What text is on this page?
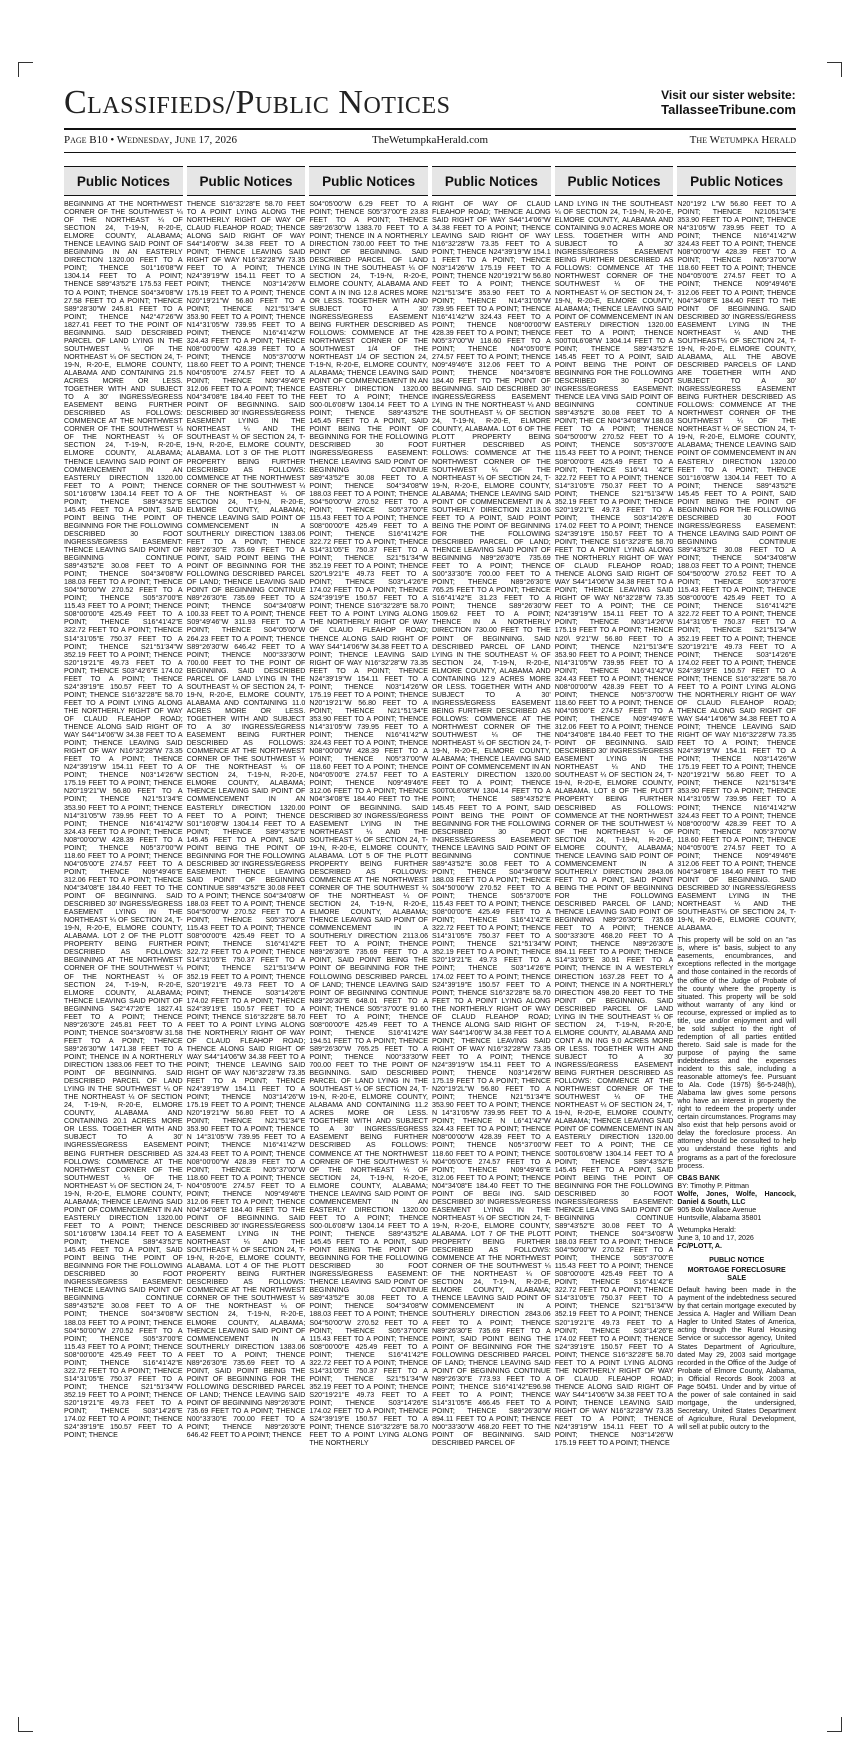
Classifieds/Public Notices	Visit our sister website:
TallasseeTribune.com
Page B10 • Wednesday, June 17, 2026	TheWetumpkaHerald.com	The Wetumpka Herald
Public Notices
BEGINNING AT THE NORTHWEST CORNER OF THE SOUTHWEST ¼ OF THE NORTHEAST ¼ OF SECTION 24, T-19-N, R-20-E, ELMORE COUNTY, ALABAMA; THENCE LEAVING SAID POINT OF BEGINNING IN AN EASTERLY DIRECTION 1320.00 FEET TO A POINT; THENCE S01°16'08"W 1304.14 FEET TO A POINT; THENCE S89°43'52"E 175.53 FEET TO A POINT; THENCE S04°34'08"W 27.58 FEET TO A POINT; THENCE S89°28'30"W 245.81 FEET TO A POINT; THENCE N42°47'26"W 1827.41 FEET TO THE POINT OF BEGINNING. SAID DESCRIBED PARCEL OF LAND LYING IN THE SOUTHWEST ¼ OF THE NORTHEAST ¼ OF SECTION 24, T-19-N, R-20-E, ELMORE COUNTY, ALABAMA AND CONTAINING 21.5 ACRES MORE OR LESS. TOGETHER WITH AND SUBJECT TO A 30' INGRESS/EGRESS EASEMENT BEING FURTHER DESCRIBED AS FOLLOWS: COMMENCE AT THE NORTHWEST CORNER OF THE SOUTHWEST ¼ OF THE NORTHEAST ¼ OF SECTION 24, T-19-N, R-20-E, ELMORE COUNTY, ALABAMA; THENCE LEAVING SAID POINT OF COMMENCEMENT IN AN EASTERLY DIRECTION 1320.00 FEET TO A POINT; THENCE S01°16'08"W 1304.14 FEET TO A POINT; THENCE S89°43'52"E 145.45 FEET TO A POINT, SAID POINT BEING THE POINT OF BEGINNING FOR THE FOLLOWING DESCRIBED 30 FOOT INGRESS/EGRESS EASEMENT: THENCE LEAVING SAID POINT OF BEGINNING CONTINUE S89°43'52"E 30.08 FEET TO A POINT; THENCE S04°34'08"W 188.03 FEET TO A POINT; THENCE S04°50'00"W 270.52 FEET TO A POINT; THENCE S05°37'00"E 115.43 FEET TO A POINT; THENCE S08°00'00"E 425.49 FEET TO A POINT; THENCE S16°41'42"E 322.72 FEET TO A POINT; THENCE S14°31'05"E 750.37 FEET TO A POINT; THENCE S21°51'34"W 352.19 FEET TO A POINT; THENCE S20°19'21"E 49.73 FEET TO A POINT; THENCE S03°42'6"E 174.02 FEET TO A POINT; THENCE S24°39'19"E 150.57 FEET TO A POINT; THENCE S16°32'28"E 58.70 FEET TO A POINT LYING ALONG THE NORTHERLY RIGHT OF WAY OF CLAUD FLEAHOP ROAD; THENCE ALONG SAID RIGHT OF WAY S44°14'06"W 34.38 FEET TO A POINT; THENCE LEAVING SAID RIGHT OF WAY N16°32'28"W 73.35 FEET TO A POINT; THENCE N24°39'19"W 154.11 FEET TO A POINT; THENCE N03°14'26"W 175.19 FEET TO A POINT; THENCE N20°19'21"W 56.80 FEET TO A POINT; THENCE N21°51'34"E 353.90 FEET TO A POINT; THENCE N14°31'05"W 739.95 FEET TO A POINT; THENCE N16°41'42"W 324.43 FEET TO A POINT; THENCE N08°00'00"W 428.39 FEET TO A POINT; THENCE N05°37'00"W 118.60 FEET TO A POINT; THENCE N04°05'00"E 274.57 FEET TO A POINT; THENCE N09°49'46"E 312.06 FEET TO A POINT; THENCE N04°34'08"E 184.40 FEET TO THE POINT OF BEGINNING. SAID DESCRIBED 30' INGRESS/EGRESS EASEMENT LYING IN THE NORTHEAST ¼ OF SECTION 24, T-19-N, R-20-E, ELMORE COUNTY, ALABAMA. LOT 2 OF THE PLOTT PROPERTY BEING FURTHER DESCRIBED AS FOLLOWS: BEGINNING AT THE NORTHWEST CORNER OF THE SOUTHWEST ¼ OF THE NORTHEAST ¼ OF SECTION 24, T-19-N, R-20-E, ELMORE COUNTY, ALABAMA; THENCE LEAVING SAID POINT OF BEGINNING S42°47'26"E 1827.41 FEET TO A POINT; THENCE N89°26'30"E 245.81 FEET TO A POINT; THENCE S04°34'08"W 31.58 FEET TO A POINT; THENCE S89°26'30"W 1471.38 FEET TO A POINT; THENCE IN A NORTHERLY DIRECTION 1383.06 FEET TO THE POINT OF BEGINNING. SAID DESCRIBED PARCEL OF LAND LYING IN THE SOUTHWEST ¼ OF THE NORTHEAST ¼ OF SECTION 24, T-19-N, R-20-E, ELMORE COUNTY, ALABAMA AND CONTAINING 20.1 ACRES MORE OR LESS. TOGETHER WITH AND SUBJECT TO A 30' INGRESS/EGRESS EASEMENT BEING FURTHER DESCRIBED AS FOLLOWS: COMMENCE AT THE NORTHWEST CORNER OF THE SOUTHWEST ¼ OF THE NORTHEAST ¼ OF SECTION 24, T-19-N, R-20-E, ELMORE COUNTY, ALABAMA; THENCE LEAVING SAID POINT OF COMMENCEMENT IN AN EASTERLY DIRECTION 1320.00 FEET TO A POINT; THENCE S01°16'08"W 1304.14 FEET TO A POINT; THENCE S89°43'52"E 145.45 FEET TO A POINT, SAID POINT BEING THE POINT OF BEGINNING FOR THE FOLLOWING DESCRIBED 30 FOOT INGRESS/EGRESS EASEMENT: THENCE LEAVING SAID POINT OF BEGINNING CONTINUE S89°43'52"E 30.08 FEET TO A POINT; THENCE S04°34'08"W 188.03 FEET TO A POINT; THENCE S04°50'00"W 270.52 FEET TO A POINT; THENCE S05°37'00"E 115.43 FEET TO A POINT; THENCE S08°00'00"E 425.49 FEET TO A POINT; THENCE S16°41'42"E 322.72 FEET TO A POINT; THENCE S14°31'05"E 750.37 FEET TO A POINT; THENCE S21°51'34"W 352.19 FEET TO A POINT; THENCE S20°19'21"E 49.73 FEET TO A POINT; THENCE S03°14'26"E 174.02 FEET TO A POINT; THENCE S24°39'19"E 150.57 FEET TO A POINT; THENCE
Public Notices
THENCE S16°32'28"E 58.70 FEET TO A POINT LYING ALONG THE NORTHERLY RIGHT OF WAY OF CLAUD FLEAHOP ROAD; THENCE ALONG SAID RIGHT OF WAY S44°14'06"W 34.38 FEET TO A POINT; THENCE LEAVING SAID RIGHT OF WAY N16°32'28"W 73.35 FEET TO A POINT; THENCE N24°39'19"W 154.11 FEET TO A POINT; THENCE N03°14'26"W 175.19 FEET TO A POINT; THENCE N20°19'21"W 56.80 FEET TO A POINT; THENCE N21°51'34"E 353.90 FEET TO A POINT; THENCE N14°31'05"W 739.95 FEET TO A POINT; THENCE N16°41'42"W 324.43 FEET TO A POINT; THENCE N08°00'00"W 428.39 FEET TO A POINT; THENCE N05°37'00"W 118.60 FEET TO A POINT; THENCE N04°05'00"E 274.57 FEET TO A POINT; THENCE N09°49'46"E 312.06 FEET TO A POINT; THENCE N04°34'08"E 184.40 FEET TO THE POINT OF BEGINNING. SAID DESCRIBED 30' INGRESS/EGRESS EASEMENT LYING IN THE NORTHEAST ¼ AND THE SOUTHEAST ¼ OF SECTION 24, T-19-N, R-20-E, ELMORE COUNTY, ALABAMA. LOT 3 OF THE PLOTT PROPERTY BEING FURTHER DESCRIBED AS FOLLOWS: COMMENCE AT THE NORTHWEST CORNER OF THE SOUTHWEST ¼ OF THE NORTHEAST ¼ OF SECTION 24, T-19-N, R-20-E, ELMORE COUNTY, ALABAMA; THENCE LEAVING SAID POINT OF COMMENCEMENT IN A SOUTHERLY DIRECTION 1383.06 FEET TO A POINT; THENCE N89°26'30"E 735.69 FEET TO A POINT, SAID POINT BEING THE POINT OF BEGINNING FOR THE FOLLOWING DESCRIBED PARCEL OF LAND; THENCE LEAVING SAID POINT OF BEGINNING CONTINUE N89°26'30"E 735.69 FEET TO A POINT; THENCE S04°34'08"W 100.33 FEET TO A POINT; THENCE S09°49'46"W 311.93 FEET TO A POINT; THENCE S04°05'00"W 264.23 FEET TO A POINT; THENCE S89°26'30"W 646.42 FEET TO A POINT; THENCE N00°33'30"W 700.00 FEET TO THE POINT OF BEGINNING. SAID DESCRIBED PARCEL OF LAND LYING IN THE SOUTHEAST ¼ OF SECTION 24, T-19-N, R-20-E, ELMORE COUNTY, ALABAMA AND CONTAINING 11.0 ACRES MORE OR LESS. TOGETHER WITH AND SUBJECT TO A 30' INGRESS/EGRESS EASEMENT BEING FURTHER DESCRIBED AS FOLLOWS: COMMENCE AT THE NORTHWEST CORNER OF THE SOUTHWEST ¼ OF THE NORTHEAST ¼ OF SECTION 24, T-19-N, R-20-E, ELMORE COUNTY, ALABAMA; THENCE LEAVING SAID POINT OF COMMENCEMENT IN AN EASTERLY DIRECTION 1320.00 FEET TO A POINT; THENCE S01°16'08"W 1304.14 FEET TO A POINT; THENCE S89°43'52"E 145.45 FEET TO A POINT, SAID POINT BEING THE POINT OF BEGINNING FOR THE FOLLOWING DESCRIBED 30' INGRESS/EGRESS EASEMENT: THENCE LEAVING SAID POINT OF BEGINNING CONTINUE S89°43'52"E 30.08 FEET TO A POINT; THENCE S04°34'08"W 188.03 FEET TO A POINT; THENCE S04°50'00"W 270.52 FEET TO A POINT; THENCE S05°37'00"E 115.43 FEET TO A POINT; THENCE S08°00'00"E 425.49 FEET TO A POINT; THENCE S16°41'42"E 322.72 FEET TO A POINT; THENCE S14°31'05"E 750.37 FEET TO A POINT; THENCE S21°51'34"W 352.19 FEET TO A POINT; THENCE S20°19'21"E 49.73 FEET TO A POINT; THENCE S03°14'26"E 174.02 FEET TO A POINT; THENCE S24°39'19"E 150.57 FEET TO A POINT; THENCE S16°32'28"E 58.70 FEET TO A POINT LYING ALONG THE NORTHERLY RIGHT OF WAY OF CLAUD FLEAHOP ROAD; THENCE ALONG SAID RIGHT OF WAY S44°14'06"W 34.38 FEET TO A POINT; THENCE LEAVING SAID RIGHT OF WAY NJ6°32'28"W 73.35 FEET TO A POINT; THENCE N24°39'19"W 154.11 FEET TO A POINT; THENCE N03°14'26"W 175.19 FEET TO A POINT; THENCE N20°19'21"W 56.80 FEET TO A POINT; THENCE N21°51'34"E 353.90 FEET TO A POINT; THENCE N 14°31'05"W 739.95 FEET TO A POINT; THENCE N16°41'42"W 324.43 FEET TO A POINT; THENCE N08°00'00"W 428.39 FEET TO A POINT; THENCE N05°37'00"W 118.60 FEET TO A POINT; THENCE N04°05'00"E 274.57 FEET TO A POINT; THENCE N09°49'46"E 312.06 FEET TO A POINT; THENCE N04°34'08"E 184.40 FEET TO THE POINT OF BEGINNING. SAID DESCRIBED 30' INGRESS/EGRESS EASEMENT LYING IN THE NORTHEAST ¼ AND THE SOUTHEAST ¼ OF SECTION 24, T-19-N, R-20-E, ELMORE COUNTY, ALABAMA. LOT 4 OF THE PLOTT PROPERTY BEING FURTHER DESCRIBED AS FOLLOWS: COMMENCE AT THE NORTHWEST CORNER OF THE SOUTHWEST ¼ OF THE NORTHEAST ¼ OF SECTION 24, T-19-N, R-20-E, ELMORE COUNTY, ALABAMA; THENCE LEAVING SAID POINT OF COMMENCEMENT IN A SOUTHERLY DIRECTION 1383.06 FEET TO A POINT; THENCE N89°26'30"E 735.69 FEET TO A POINT, SAID POINT BEING THE POINT OF BEGINNING FOR THE FOLLOWING DESCRIBED PARCEL OF LAND; THENCE LEAVING SAID POINT OF BEGINNING N89°26'30"E 735.69 FEET TO A POINT; THENCE N00°33'30"E 700.00 FEET TO A POINT; THENCE N89°26'30"E 646.42 FEET TO A POINT; THENCE
Public Notices
S04°05'00"W 6.29 FEET TO A POINT; THENCE S05°37'00"E 23.83 FEET TO A POINT; THENCE S89°26'30"W 1383.70 FEET TO A POINT; THENCE IN A NORTHERLY DIRECTION 730.00 FEET TO THE POINT OF BEGINNING. SAID DESCRIBED PARCEL OF LAND LYING IN THE SOUTHEAST ¼ OF SECTION 24, T-19-N, R-20-E, ELMORE COUNTY, ALABAMA AND CONT A IN ING 12.8 ACRES MORE OR LESS. TOGETHER WITH AND SUBJECT TO A 30' INGRESS/EGRESS EASEMENT BEING FURTHER DESCRIBED AS FOLLOWS: COMMENCE AT THE NORTHWEST CORNER OF THE SOUTHWEST 1/4 OF THE NORTHEAST 1/4 OF SECTION 24, T-19-N, R-20-E, ELMORE COUNTY, ALABAMA; THENCE LEAVING SAID POINT OF COMMENCEMENT IN AN EASTERLY DIRECTION 1320.00 FEET TO A POINT; THENCE S00·0L6'08"W 1304.14 FEET TO A POINT; THENCE S89°43'52"E 145.45 FEET TO A POINT, SAID POINT BEING THE POINT OF BEGINNING FOR THE FOLLOWING DESCRIBED 30 FOOT INGRESS/EGRESS EASEMENT: THENCE LEAVING SAID POINT OF BEGINNING CONTINUE S89°43'52"E 30.08 FEET TO A POINT; THENCE S04°34'08"W 188.03 FEET TO A POINT; THENCE S04°50'00"W 270.52 FEET TO A POINT; THENCE S05°37'00"E 115.43 FEET TO A POINT; THENCE S08°00'00"E 425.49 FEET TO A POINT; THENCE S16°41'42"E 322.72 FEET TO A POINT; THENCE S14°31'05"E 750.37 FEET TO A POINT; THENCE S21°51'34"W 352.19 FEET TO A POINT; THENCE S20°L9'21"E 49.73 FEET TO A POINT; THENCE S03°L4'26"E 174.02 FEET TO A POINT; THENCE S24°39'19"E 150.57 FEET TO A POINT; THENCE S16°32'28"E 58.70 FEET TO A POINT LYING ALONG THE NORTHERLY RIGHT OF WAY OF CLAUD FLEAHOP ROAD; THENCE ALONG SAID RIGHT OF WAY S44°14'06"W 34.38 FEET TO A POINT; THENCE LEAVING SAID RIGHT OF WAY N16°32'28"W 73.35 FEET TO A POINT; THENCE N24°39'19"W 154.11 FEET TO A POINT; THENCE N03°14'26"W 175.19 FEET TO A POINT; THENCE N20°19'21"W 56.80 FEET TO A POINT; THENCE N21°51'34"E 353.90 FEET TO A POINT; THENCE N14°31'05"W 739.95 FEET TO A POINT; THENCE N16°41'42"W 324.43 FEET TO A POINT; THENCE N08°00'00"W 428.39 FEET TO A POINT; THENCE N05°37'00"W 118.60 FEET TO A POINT; THENCE N04°05'00"E 274.57 FEET TO A POINT; THENCE N09°49'46"E 312.06 FEET TO A POINT; THENCE N04°34'08"E 184.40 FEET TO THE POINT OF BEGINNING. SAID DESCRIBED 30' INGRESS/EGRESS EASEMENT LYING IN THE NORTHEAST ¼ AND THE SOUTHEAST ¼ OF SECTION 24, T-19-N, R-20-E, ELMORE COUNTY, ALABAMA. LOT 5 OF THE PLOTT PROPERTY BEING FURTHER DESCRIBED AS FOLLOWS: COMMENCE AT THE NORTHWEST CORNER OF THE SOUTHWEST ¼ OF THE NORTHEAST ¼ OF SECTION 24, T-19-N, R-20-E, ELMORE COUNTY, ALABAMA; THENCE LEAVING SAID POINT OF COMMENCEMENT IN A SOUTHERLY DIRECTION 2113.06 FEET TO A POINT; THENCE N89°26'30"E 735.69 FEET TO A POINT, SAID POINT BEING THE POINT OF BEGINNING FOR THE FOLLOWING DESCRIBED PARCEL OF LAND; THENCE LEAVING SAID POINT OF BEGINNING CONTINUE N89°26'30"E 648.01 FEET TO A POINT; THENCE S05°37'00"E 91.60 FEET TO A POINT; THENCE S08°00'00"E 425.49 FEET TO A POINT; THENCE S16°41'42"E 194.51 FEET TO A POINT; THENCE S89°26'30"W 765.25 FEET TO A POINT; THENCE N00°33'30"W 700.00 FEET TO THE POINT OF BEGINNING. SAID DESCRIBED PARCEL OF LAND LYING IN THE SOUTHEAST ¼ OF SECTION 24, T-19-N, R-20-E, ELMORE COUNTY, ALABAMA AND CONTAINING 11.2 ACRES MORE OR LESS. TOGETHER WITH AND SUBJECT TO A 30' INGRESS/EGRESS EASEMENT BEING FURTHER DESCRIBED AS FOLLOWS: COMMENCE AT THE NORTHWEST CORNER OF THE SOUTHWEST ¼ OF THE NORTHEAST ¼ OF SECTION 24, T-19-N, R-20-E, ELMORE COUNTY, ALABAMA; THENCE LEAVING SAID POINT OF COMMENCEMENT IN AN EASTERLY DIRECTION 1320.00 FEET TO A POINT; THENCE S00·0L6'08"W 1304.14 FEET TO A POINT; THENCE S89°43'52"E 145.45 FEET TO A POINT, SAID POINT BEING THE POINT OF BEGINNING FOR THE FOLLOWING DESCRIBED 30 FOOT INGRESS/EGRESS EASEMENT: THENCE LEAVING SAID POINT OF BEGINNING CONTINUE S89°43'52"E 30.08 FEET TO A POINT; THENCE S04°34'08"W 188.03 FEET TO A POINT; THENCE S04°50'00"W 270.52 FEET TO A POINT; THENCE S05°37'00"E 115.43 FEET TO A POINT; THENCE S08°00'00"E 425.49 FEET TO A POINT; THENCE S16°41'42"E 322.72 FEET TO A POINT; THENCE S14°31'05"E 750.37 FEET TO A POINT; THENCE S21°51'34"W 352.19 FEET TO A POINT; THENCE S20°19'21"E 49.73 FEET TO A POINT; THENCE S03°14'26"E 174.02 FEET TO A POINT; THENCE S24°39'19"E 150.57 FEET TO A POINT; THENCE S16°32'28"E 58.70 FEET TO A POINT LYING ALONG THE NORTHERLY
Public Notices
RIGHT OF WAY OF CLAUD FLEAHOP ROAD; THENCE ALONG SAID RIGHT OF WAY S44°14'06"W 34.38 FEET TO A POINT; THENCE LEAVING SAID RIGHT OF WAY N16°32'28"W 73.35 FEET TO A POINT; THENCE N24°39'19"W 154.1 1 FEET TO A POINT; THENCE N03°14'26"W 175.19 FEET TO A POINT; THENCE N20°19'21"W 56.80 FEET TO A POINT; THENCE N21°51'34"E 353.90 FEET TO A POINT; THENCE N14°31'05"W 739.95 FEET TO A POINT; THENCE N16°41'42"W 324.43 FEET TO A POINT; THENCE N08°00'00"W 428.39 FEET TO A POINT; THENCE N05°37'00"W 118.60 FEET TO A POINT; THENCE N04°05'00"E 274.57 FEET TO A POINT; THENCE N09°49'46"E 312.06 FEET TO A POINT; THENCE N04°34'08"E 184.40 FEET TO THE POINT OF BEGINNING. SAID DESCRIBED 30' INGRESS/EGRESS EASEMENT LYING IN THE NORTHEAST ¼ AND THE SOUTHEAST ¼ OF SECTION 24, T-19-N, R-20-E, ELMORE COUNTY, ALABAMA. LOT 6 OF THE PLOTT PROPERTY BEING FURTHER DESCRIBED AS FOLLOWS: COMMENCE AT THE NORTHWEST CORNER OF THE SOUTHWEST ¼ OF THE NORTHEAST ¼ OF SECTION 24, T-19-N, R-20-E, ELMORE COUNTY, ALABAMA; THENCE LEAVING SAID POINT OF COMMENCEMENT IN A SOUTHERLY DIRECTION 2113.06 FEET TO A POINT, SAID POINT BEING THE POINT OF BEGINNING FOR THE FOLLOWING DESCRIBED PARCEL OF LAND; THENCE LEAVING SAID POINT OF BEGINNING N89°26'30"E 735.69 FEET TO A POINT; THENCE S00°33'30"E 700.00 FEET TO A POINT; THENCE N89°26'30"E 765.25 FEET TO A POINT; THENCE S16°41'42"E 31.23 FEET TO A POINT; THENCE S89°26'30"W 1509.62 FEET TO A POINT; THENCE IN A NORTHERLY DIRECTION 730.00 FEET TO THE POINT OF BEGINNING. SAID DESCRIBED PARCEL OF LAND LYING IN THE SOUTHEAST ¼ OF SECTION 24, T-19-N, R-20-E, ELMORE COUNTY, ALABAMA AND CONTAINING 12.9 ACRES MORE OR LESS. TOGETHER WITH AND SUBJECT TO A 30' INGRESS/EGRESS EASEMENT BEING FURTHER DESCRIBED AS FOLLOWS: COMMENCE AT THE NORTHWEST CORNER OF THE SOUTHWEST ¼ OF THE NORTHEAST ¼ OF SECTION 24, T-19-N, R-20-E, ELMORE COUNTY, ALABAMA; THENCE LEAVING SAID POINT OF COMMENCEMENT IN AN EASTERLY DIRECTION 1320.00 FEET TO A POINT; THENCE S00T0L6'08"W 1304.14 FEET TO A POINT; THENCE S89°43'52"E 145.45 FEET TO A POINT, SAID POINT BEING THE POINT OF BEGINNING FOR THE FOLLOWING DESCRIBED 30 FOOT INGRESS/EGRESS EASEMENT: THENCE LEAVING SAID POINT OF BEGINNING CONTINUE S89°43'52"E 30.08 FEET TO A POINT; THENCE S04°34'08"W 188.03 FEET TO A POINT; THENCE S04°50'00"W 270.52 FEET TO A POINT; THENCE S05°37'00"E 115.43 FEET TO A POINT; THENCE S08°00'00"E 425.49 FEET TO A POINT; THENCE S16°41'42"E 322.72 FEET TO A POINT; THENCE S14°31'05"E 750.37 FEET TO A POINT; THENCE S21°51'34"W 352.19 FEET TO A POINT; THENCE S20°19'21"E 49.73 FEET TO A POINT; THENCE S03°14'26"E 174.02 FEET TO A POINT; THENCE S24°39'19"E 150.57 FEET TO A POINT; THENCE S16°32'28"E 58.70 FEET TO A POINT LYING ALONG THE NORTHERLY RIGHT OF WAY OF CLAUD FLEAHOP ROAD; THENCE ALONG SAID RIGHT OF WAY S44°14'06"W 34.38 FEET TO A POINT; THENCE LEAVING SAID RIGHT OF WAY N16°32'28"W 73.35 FEET TO A POINT; THENCE N24°39'19"W 154.11 FEET TO A POINT; THENCE N03°14'26"W 175.19 FEET TO A POINT; THENCE N20°19'2L"W 56.80 FEET TO A POINT; THENCE N21°51'34"E 353.90 FEET TO A POINT; THENCE N 14°31'05"W 739.95 FEET TO A POINT; THENCE N L6°41'42"W 324.43 FEET TO A POINT; THENCE N08°00'00"W 428.39 FEET TO A POINT; THENCE N05°37'00"W 118.60 FEET TO A POINT; THENCE N04°05'00"E 274.57 FEET TO A POINT; THENCE N09°49'46"E 312.06 FEET TO A POINT; THENCE N04°34'08"E 184.40 FEET TO THE POINT OF BEGI ING. SAID DESCRIBED 30' INGRESS/EGRESS EASEMENT LYING IN THE NORTHEAST ¼ OF SECTION 24, T-19-N, R-20-E, ELMORE COUNTY, ALABAMA. LOT 7 OF THE PLOTT PROPERTY BEING FURTHER DESCRIBED AS FOLLOWS: COMMENCE AT THE NORTHWEST CORNER OF THE SOUTHWEST ¼ OF THE NORTHEAST ¼ OF SECTION 24, T-19-N, R-20-E, ELMORE COUNTY, ALABAMA; THENCE LEAVING SAID POINT OF COMMENCEMENT IN A SOUTHERLY DIRECTION 2843.06 FEET TO A POINT; THENCE N89°26'30"E 735.69 FEET TO A POINT, SAID POINT BEING THE POINT OF BEGINNING FOR THE FOLLOWING DESCRIBED PARCEL OF LAND; THENCE LEAVING SAID POINT OF BEGINNING CONTINUE N89°26'30"E 773.93 FEET TO A POINT; THENCE S16°41'42"E96.98 FEET TO A POINT; THENCE S14°31'05"E 466.45 FEET TO A POINT; THENCE S89°26'30"W 894.11 FEET TO A POINT; THENCE N00°33'30"W 468.20 FEET TO THE POINT OF BEGINNING. SAID DESCRIBED PARCEL OF
Public Notices
LAND LYING IN THE SOUTHEAST ¼ OF SECTION 24, T-19-N, R-20-E, ELMORE COUNTY, ALABAMA AND CONTAINING 9.0 ACRES MORE OR LESS. TOGETHER WITH AND SUBJECT TO A 30' INGRESS/EGRESS EASEMENT BEING FURTHER DESCRIBED AS FOLLOWS: COMMENCE AT THE NORTHWEST CORNER OF THE SOUTHWEST ¼ OF THE NORTHEAST ¼ OF SECTION 24, T-19-N, R-20-E, ELMORE COUNTY, ALABAMA; THENCE LEAVING SAID POINT OF COMMENCEMENT IN AN EASTERLY DIRECTION 1320.00 FEET TO A POINT; THENCE S00T0L6'08"W 1304.14 FEET TO A POINT; THENCE S89°43'52"E 145.45 FEET TO A POINT, SAID POINT BEING THE POINT OF BEGINNING FOR THE FOLLOWING DESCRIBED 30 FOOT INGRESS/EGRESS EASEMENT: THENCE LEA VING SAID POINT OF BEGINNING CONTINUE S89°43'52"E 30.08 FEET TO A POINT; THE CE N04°34'08"W 188.03 FEET TO A POINT; THENCE S04°50'00"W 270.52 FEET TO A POINT; THENCE S05°37'00"E 115.43 FEET TO A POINT; THENCE S08°00'00"E 425.49 FEET TO A POINT; THENCE S16°41 '42"E 322.72 FEET TO A POINT; THENCE S14°31'05"E 750.37 FEET TO A POINT; THENCE S21°51'34"W 352.19 FEET TO A POINT; THENCE S20°19'21"E 49.73 FEET TO A POINT; THENCE S03°14'26"E 174.02 FEET TO A POINT; THENCE S24°39'19"E 150.57 FEET TO A POINT; THENCE S16°32'28"E 58.70 FEET TO A POINT LYING ALONG THE NORTHERLY RIGHT OF WAY OF CLAUD FLEAHOP ROAD; THENCE ALONG SAID RIGHT OF WAY S44°14'06"W 34.38 FEET TO A POINT; THENCE LEAVING SAID RIGHT OF WAY N6°32'28"W 73.35 FEET TO A POINT; THE CE N24°39'19"W 154.11 FEET TO A POINT; THENCE N03°14'26"W 175.19 FEET TO A POINT; THENCE N20\ 9'21"W 56.80 FEET TO A POINT; THENCE N21°51'34"E 353.90 FEET TO A POINT; THENCE N14°31'05"W 739.95 FEET TO A POINT; THENCE N16°41'42"W 324.43 FEET TO A POINT; THENCE N08°00'00"W 428.39 FEET TO A POINT; THENCE N05°37'00"W 118.60 FEET TO A POINT; THENCE N04°05'00"E 274.57 FEET TO A POINT; THENCE N09°49'46"E 312.06 FEET TO A POINT; THENCE N04°34'08"E 184.40 FEET TO THE POINT OF BEGINNING. SAID DESCRIBED 30' INGRESS/EGRESS EASEMENT LYING IN THE NORTHEAST ¼ AND THE SOUTHEAST ¼ OF SECTION 24, T-19-N, R-20-E, ELMORE COUNTY, ALABAMA. LOT 8 OF THE PLOTT PROPERTY BEING FURTHER DESCRIBED AS FOLLOWS: COMMENCE AT THE NORTHWEST CORNER OF THE SOUTHWEST ¼ OF THE NORTHEAST ¼ OF SECTION 24, T-19-N, R-20-E, ELMORE COUNTY, ALABAMA; THENCE LEAVING SAID POINT OF COMMENCEMENT IN A SOUTHERLY DIRECTION 2843.06 FEET TO A POINT, SAID POINT BEING THE POINT OF BEGINNING FOR THE FOLLOWING DESCRIBED PARCEL OF LAND; THENCE LEAVING SAID POINT OF BEGINNING N89°26'30"E 735.69 FEET TO A POINT; THENCE S00°33'30"E 468.20 FEET TO A POINT; THENCE N89°26'30"E 894.11 FEET TO A POINT; THENCE S14°31'05"E 30.91 FEET TO A POINT; THENCE IN A WESTERLY DIRECTION 1637.28 FEET TO A POINT; THENCE IN A NORTHERLY DIRECTION 498.20 FEET TO THE POINT OF BEGINNING. SAID DESCRIBED PARCEL OF LAND LYING IN THE SOUTHEAST ¼ OF SECTION 24, T-19-N, R-20-E, ELMORE COUNTY, ALABAMA AND CONT A IN ING 9.0 ACRES MORE OR LESS. TOGETHER WITH AND SUBJECT TO A 30' INGRESS/EGRESS EASEMENT BEING FURTHER DESCRIBED AS FOLLOWS: COMMENCE AT THE NORTHWEST CORNER OF THE SOUTHWEST ¼ OF THE NORTHEAST ¼ OF SECTION 24, T-19-N, R-20-E, ELMORE COUNTY, ALABAMA; THENCE LEAVING SAID POINT OF COMMENCEMENT IN AN EASTERLY DIRECTION 1320.00 FEET TO A POINT; THE CE S00T0L6'08"W 1304.14 FEET TO A POINT; THENCE S89°43'52"E 145.45 FEET TO A POINT, SAID POINT BEING THE POINT OF BEGINNING FOR THE FOLLOWING DESCRIBED 30 FOOT INGRESS/EGRESS EASEMENT: THENCE LEA VING SAID POINT OF BEGINNING CONTINUE S89°43'52"E 30.08 FEET TO A POINT; THENCE S04°34'08"W 188.03 FEET TO A POINT; THENCE S04°50'00"W 270.52 FEET TO A POINT; THENCE S05°37'00"E 115.43 FEET TO A POINT; THENCE S08°00'00"E 425.49 FEET TO A POINT; THENCE S16°41'42"E 322.72 FEET TO A POINT; THENCE S14°31'05"E 750.37 FEET TO A POINT; THENCE S21°51'34"W 352.19 FEET TO A POINT; THENCE S20°19'21"E 49.73 FEET TO A POINT; THENCE S03°14'26"E 174.02 FEET TO A POINT; THENCE S24°39'19"E 150.57 FEET TO A POINT; THENCE S16°32'28"E 58.70 FEET TO A POINT LYING ALONG THE NORTHERLY RIGHT OF WAY OF CLAUD FLEAHOP ROAD; THENCE ALONG SAID RIGHT OF WAY S44°14'06"W 34.38 FEET TO A POINT; THENCE LEAVING SAID RIGHT OF WAY N16°32'28"W 73.35 FEET TO A POINT; THENCE N24°39'19"W 154.11 FEET TO A POINT; THENCE N03°14'26"W 175.19 FEET TO A POINT; THENCE
Public Notices
N20°19'2 L"W 56.80 FEET TO A POINT; THENCE N21051'34"E 353.90 FEET TO A POINT; THENCE N4°31'05"W 739.95 FEET TO A POINT; THENCE N16°41'42"W 324.43 FEET TO A POINT; THENCE N08°00'00"W 428.39 FEET TO A POINT; THENCE N05°37'00"W 118.60 FEET TO A POINT; THENCE N04°05'00"E 274.57 FEET TO A POINT; THENCE N09°49'46"E 312.06 FEET TO A POINT; THENCE N04°34'08"E 184.40 FEET TO THE POINT OF BEGINNING. SAID DESCRIBED 30' INGRESS/EGRESS EASEMENT LYING IN THE NORTHEAST ¼ AND THE SOUTHEAST¼ OF SECTION 24, T-19-N, R-20-E, ELMORE COUNTY, ALABAMA, ALL THE ABOVE DESCRIBED PARCELS OF LAND ARE TOGETHER WITH AND SUBJECT TO A 30' INGRESS/EGRESS EASEMENT BEING FURTHER DESCRIBED AS FOLLOWS: COMMENCE AT THE NORTHWEST CORNER OF THE SOUTHWEST ¼ OF THE NORTHEAST ¼ OF SECTION 24, T-19-N, R-20-E, ELMORE COUNTY, ALABAMA; THENCE LEAVING SAID POINT OF COMMENCEMENT IN AN EASTERLY DIRECTION 1320.00 FEET TO A POINT; THENCE S01°16'08"W 1304.14 FEET TO A POINT; THENCE S89°43'52"E 145.45 FEET TO A POINT, SAID POINT BEING THE POINT OF BEGINNING FOR THE FOLLOWING DESCRIBED 30 FOOT INGRESS/EGRESS EASEMENT: THENCE LEAVING SAID POINT OF BEGINNING CONTINUE S89°43'52"E 30.08 FEET TO A POINT; THENCE S04°34'08"W 188.03 FEET TO A POINT; THENCE S04°50'00"W 270.52 FEET TO A POINT; THENCE S05°37'00"E 115.43 FEET TO A POINT; THENCE S08°00'00"E 425.49 FEET TO A POINT; THENCE S16°41'42"E 322.72 FEET TO A POINT; THENCE S14°31'05"E 750.37 FEET TO A POINT; THENCE S21°51'34"W 352.19 FEET TO A POINT; THENCE S20°19'21"E 49.73 FEET TO A POINT; THENCE S03°14'26"E 174.02 FEET TO A POINT; THENCE S24°39'19"E 150.57 FEET TO A POINT; THENCE S16°32'28"E 58.70 FEET TO A POINT LYING ALONG THE NORTHERLY RIGHT OF WAY OF CLAUD FLEAHOP ROAD; THENCE ALONG SAID RIGHT OF WAY S44°14'06"W 34.38 FEET TO A POINT; THENCE LEAVING SAID RIGHT OF WAY N16°32'28"W 73.35 FEET TO A POINT; THENCE N24°39'19"W 154.11 FEET TO A POINT; THENCE N03°14'26"W 175.19 FEET TO A POINT; THENCE N20°19'21"W 56.80 FEET TO A POINT; THENCE N21°51'34"E 353.90 FEET TO A POINT; THENCE N14°31'05"W 739.95 FEET TO A POINT; THENCE N16°41'42"W 324.43 FEET TO A POINT; THENCE N08°00'00"W 428.39 FEET TO A POINT; THENCE N05°37'00"W 118.60 FEET TO A POINT; THENCE N04°05'00"E 274.57 FEET TO A POINT; THENCE N09°49'46"E 312.06 FEET TO A POINT; THENCE N04°34'08"E 184.40 FEET TO THE POINT OF BEGINNING. SAID DESCRIBED 30' INGRESS/EGRESS EASEMENT LYING IN THE NORTHEAST ¼ AND THE SOUTHEAST¼ OF SECTION 24, T-19-N, R-20-E, ELMORE COUNTY, ALABAMA.
This property will be sold on an "as is, where is" basis, subject to any easements, encumbrances, and exceptions reflected in the mortgage and those contained in the records of the office of the Judge of Probate of the county where the property is situated. This property will be sold without warranty of any kind or recourse, expressed or implied as to title, use and/or enjoyment and will be sold subject to the right of redemption of all parties entitled thereto. Said sale is made for the purpose of paying the same indebtedness and the expenses incident to this sale, including a reasonable attorney's fee. Pursuant to Ala. Code (1975) §6-5-248(h), Alabama law gives some persons who have an interest in property the right to redeem the property under certain circumstances. Programs may also exist that help persons avoid or delay the foreclosure process. An attorney should be consulted to help you understand these rights and programs as a part of the foreclosure process.
CB&S BANK
BY: Timothy P. Pittman
Wolfe, Jones, Wolfe, Hancock, Daniel & South, LLC
905 Bob Wallace Avenue
Huntsville, Alabama 35801
Wetumpka Herald:
June 3, 10 and 17, 2026
FC/PLOTT, A.
PUBLIC NOTICE
MORTGAGE FORECLOSURE SALE
Default having been made in the payment of the indebtedness secured by that certain mortgage executed by Jessica A. Hagler and William Dean Hagler to United States of America, acting through the Rural Housing Service or successor agency, United States Department of Agriculture, dated May 29, 2003 said mortgage recorded in the Office of the Judge of Probate of Elmore County, Alabama, in Official Records Book 2003 at Page 50451. Under and by virtue of the power of sale contained in said mortgage, the undersigned, Secretary, United States Department of Agriculture, Rural Development, will sell at public outcry to the
